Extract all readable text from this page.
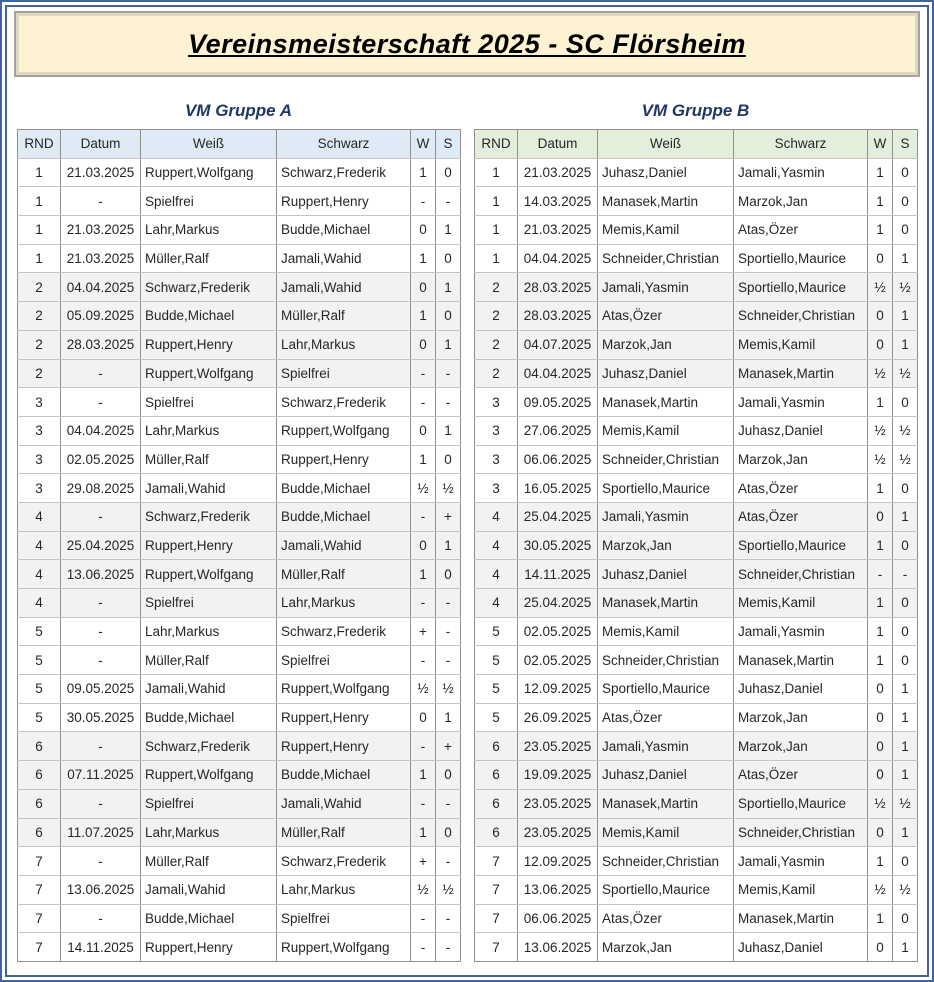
Vereinsmeisterschaft 2025 - SC Flörsheim
VM Gruppe A
RND	Datum	Weiß	Schwarz	W	S
1	21.03.2025	Ruppert,Wolfgang	Schwarz,Frederik	1	0
1	-	Spielfrei	Ruppert,Henry	-	-
1	21.03.2025	Lahr,Markus	Budde,Michael	0	1
1	21.03.2025	Müller,Ralf	Jamali,Wahid	1	0
2	04.04.2025	Schwarz,Frederik	Jamali,Wahid	0	1
2	05.09.2025	Budde,Michael	Müller,Ralf	1	0
2	28.03.2025	Ruppert,Henry	Lahr,Markus	0	1
2	-	Ruppert,Wolfgang	Spielfrei	-	-
3	-	Spielfrei	Schwarz,Frederik	-	-
3	04.04.2025	Lahr,Markus	Ruppert,Wolfgang	0	1
3	02.05.2025	Müller,Ralf	Ruppert,Henry	1	0
3	29.08.2025	Jamali,Wahid	Budde,Michael	½	½
4	-	Schwarz,Frederik	Budde,Michael	-	+
4	25.04.2025	Ruppert,Henry	Jamali,Wahid	0	1
4	13.06.2025	Ruppert,Wolfgang	Müller,Ralf	1	0
4	-	Spielfrei	Lahr,Markus	-	-
5	-	Lahr,Markus	Schwarz,Frederik	+	-
5	-	Müller,Ralf	Spielfrei	-	-
5	09.05.2025	Jamali,Wahid	Ruppert,Wolfgang	½	½
5	30.05.2025	Budde,Michael	Ruppert,Henry	0	1
6	-	Schwarz,Frederik	Ruppert,Henry	-	+
6	07.11.2025	Ruppert,Wolfgang	Budde,Michael	1	0
6	-	Spielfrei	Jamali,Wahid	-	-
6	11.07.2025	Lahr,Markus	Müller,Ralf	1	0
7	-	Müller,Ralf	Schwarz,Frederik	+	-
7	13.06.2025	Jamali,Wahid	Lahr,Markus	½	½
7	-	Budde,Michael	Spielfrei	-	-
7	14.11.2025	Ruppert,Henry	Ruppert,Wolfgang	-	-
VM Gruppe B
RND	Datum	Weiß	Schwarz	W	S
1	21.03.2025	Juhasz,Daniel	Jamali,Yasmin	1	0
1	14.03.2025	Manasek,Martin	Marzok,Jan	1	0
1	21.03.2025	Memis,Kamil	Atas,Özer	1	0
1	04.04.2025	Schneider,Christian	Sportiello,Maurice	0	1
2	28.03.2025	Jamali,Yasmin	Sportiello,Maurice	½	½
2	28.03.2025	Atas,Özer	Schneider,Christian	0	1
2	04.07.2025	Marzok,Jan	Memis,Kamil	0	1
2	04.04.2025	Juhasz,Daniel	Manasek,Martin	½	½
3	09.05.2025	Manasek,Martin	Jamali,Yasmin	1	0
3	27.06.2025	Memis,Kamil	Juhasz,Daniel	½	½
3	06.06.2025	Schneider,Christian	Marzok,Jan	½	½
3	16.05.2025	Sportiello,Maurice	Atas,Özer	1	0
4	25.04.2025	Jamali,Yasmin	Atas,Özer	0	1
4	30.05.2025	Marzok,Jan	Sportiello,Maurice	1	0
4	14.11.2025	Juhasz,Daniel	Schneider,Christian	-	-
4	25.04.2025	Manasek,Martin	Memis,Kamil	1	0
5	02.05.2025	Memis,Kamil	Jamali,Yasmin	1	0
5	02.05.2025	Schneider,Christian	Manasek,Martin	1	0
5	12.09.2025	Sportiello,Maurice	Juhasz,Daniel	0	1
5	26.09.2025	Atas,Özer	Marzok,Jan	0	1
6	23.05.2025	Jamali,Yasmin	Marzok,Jan	0	1
6	19.09.2025	Juhasz,Daniel	Atas,Özer	0	1
6	23.05.2025	Manasek,Martin	Sportiello,Maurice	½	½
6	23.05.2025	Memis,Kamil	Schneider,Christian	0	1
7	12.09.2025	Schneider,Christian	Jamali,Yasmin	1	0
7	13.06.2025	Sportiello,Maurice	Memis,Kamil	½	½
7	06.06.2025	Atas,Özer	Manasek,Martin	1	0
7	13.06.2025	Marzok,Jan	Juhasz,Daniel	0	1
